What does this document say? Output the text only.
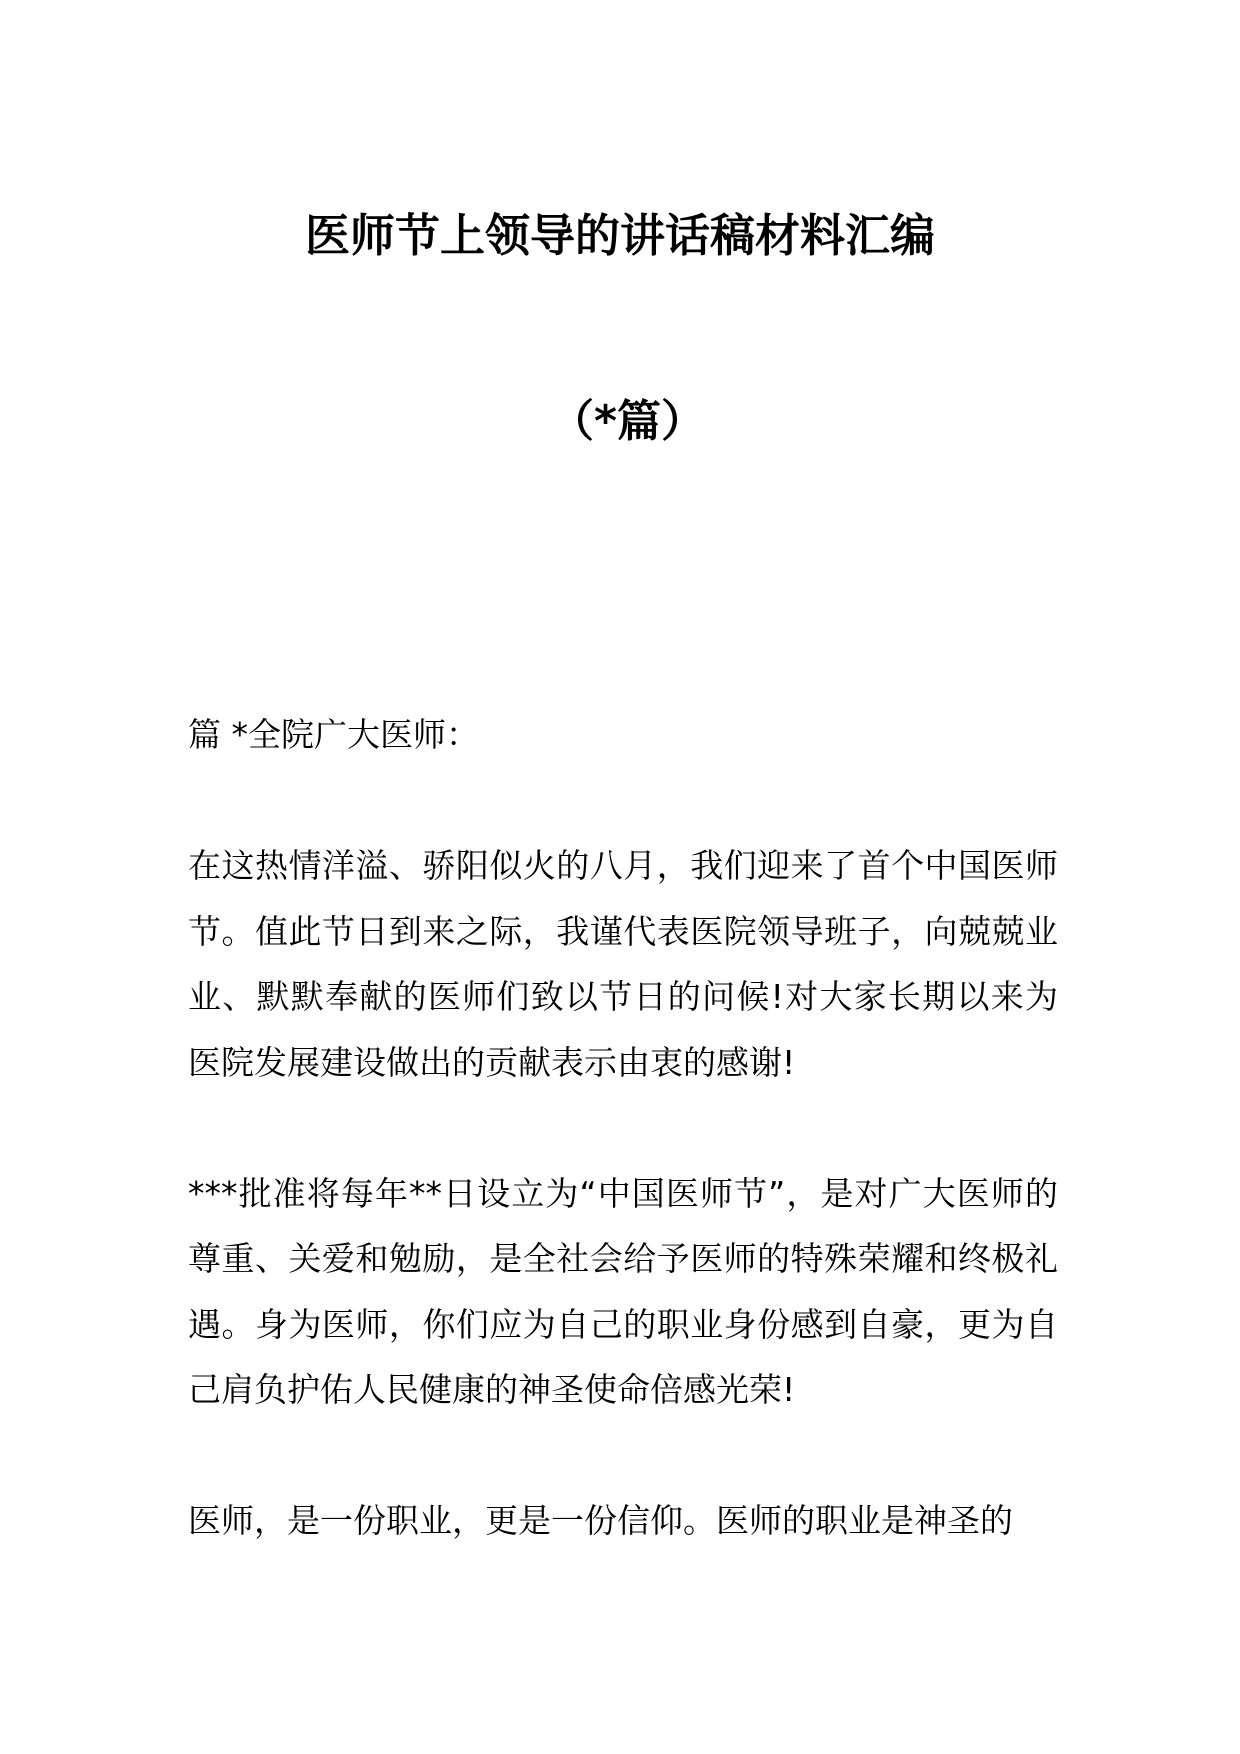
医师节上领导的讲话稿材料汇编
（*篇）

篇 *全院广大医师：

在这热情洋溢、骄阳似火的八月，我们迎来了首个中国医师节。值此节日到来之际，我谨代表医院领导班子，向兢兢业业、默默奉献的医师们致以节日的问候!对大家长期以来为医院发展建设做出的贡献表示由衷的感谢!

***批准将每年**日设立为“中国医师节”，是对广大医师的尊重、关爱和勉励，是全社会给予医师的特殊荣耀和终极礼遇。身为医师，你们应为自己的职业身份感到自豪，更为自己肩负护佑人民健康的神圣使命倍感光荣!

医师，是一份职业，更是一份信仰。医师的职业是神圣的
